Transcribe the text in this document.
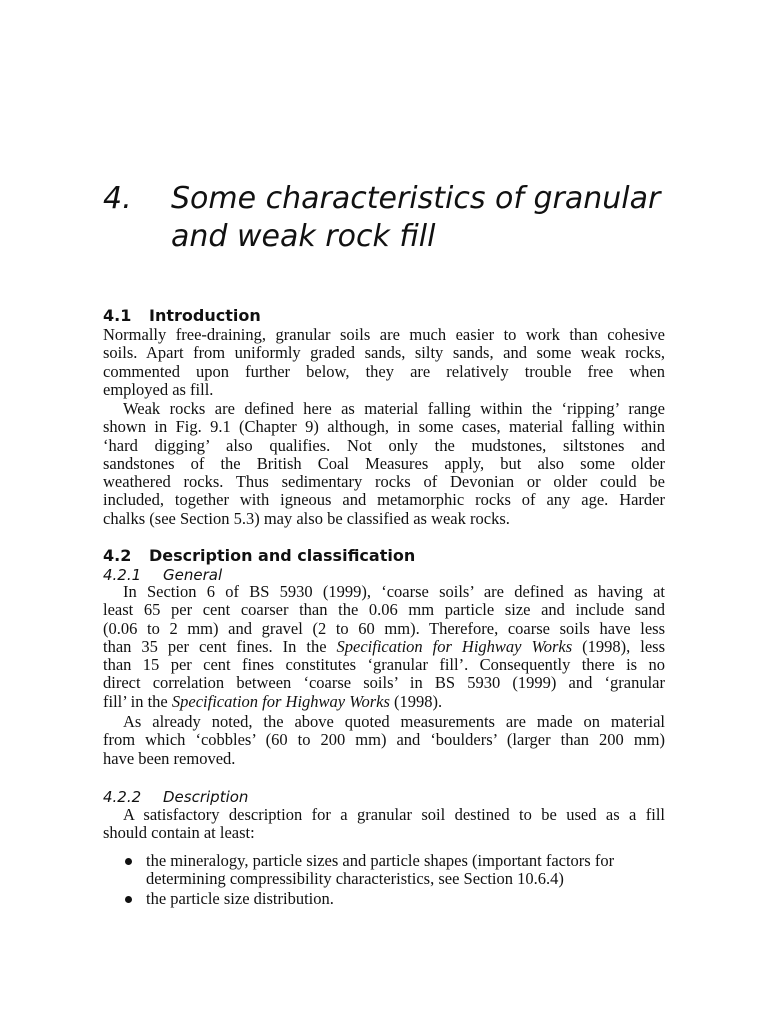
4. Some characteristics of granular
and weak rock fill
4.1 Introduction
Normally free-draining, granular soils are much easier to work than cohesive
soils. Apart from uniformly graded sands, silty sands, and some weak rocks,
commented upon further below, they are relatively trouble free when
employed as fill.
Weak rocks are defined here as material falling within the ‘ripping’ range
shown in Fig. 9.1 (Chapter 9) although, in some cases, material falling within
‘hard digging’ also qualifies. Not only the mudstones, siltstones and
sandstones of the British Coal Measures apply, but also some older
weathered rocks. Thus sedimentary rocks of Devonian or older could be
included, together with igneous and metamorphic rocks of any age. Harder
chalks (see Section 5.3) may also be classified as weak rocks.
4.2 Description and classification
4.2.1 General
In Section 6 of BS 5930 (1999), ‘coarse soils’ are defined as having at
least 65 per cent coarser than the 0.06 mm particle size and include sand
(0.06 to 2 mm) and gravel (2 to 60 mm). Therefore, coarse soils have less
than 35 per cent fines. In the Specification for Highway Works (1998), less
than 15 per cent fines constitutes ‘granular fill’. Consequently there is no
direct correlation between ‘coarse soils’ in BS 5930 (1999) and ‘granular
fill’ in the Specification for Highway Works (1998).
As already noted, the above quoted measurements are made on material
from which ‘cobbles’ (60 to 200 mm) and ‘boulders’ (larger than 200 mm)
have been removed.
4.2.2 Description
A satisfactory description for a granular soil destined to be used as a fill
should contain at least:
the mineralogy, particle sizes and particle shapes (important factors for
determining compressibility characteristics, see Section 10.6.4)
the particle size distribution.
